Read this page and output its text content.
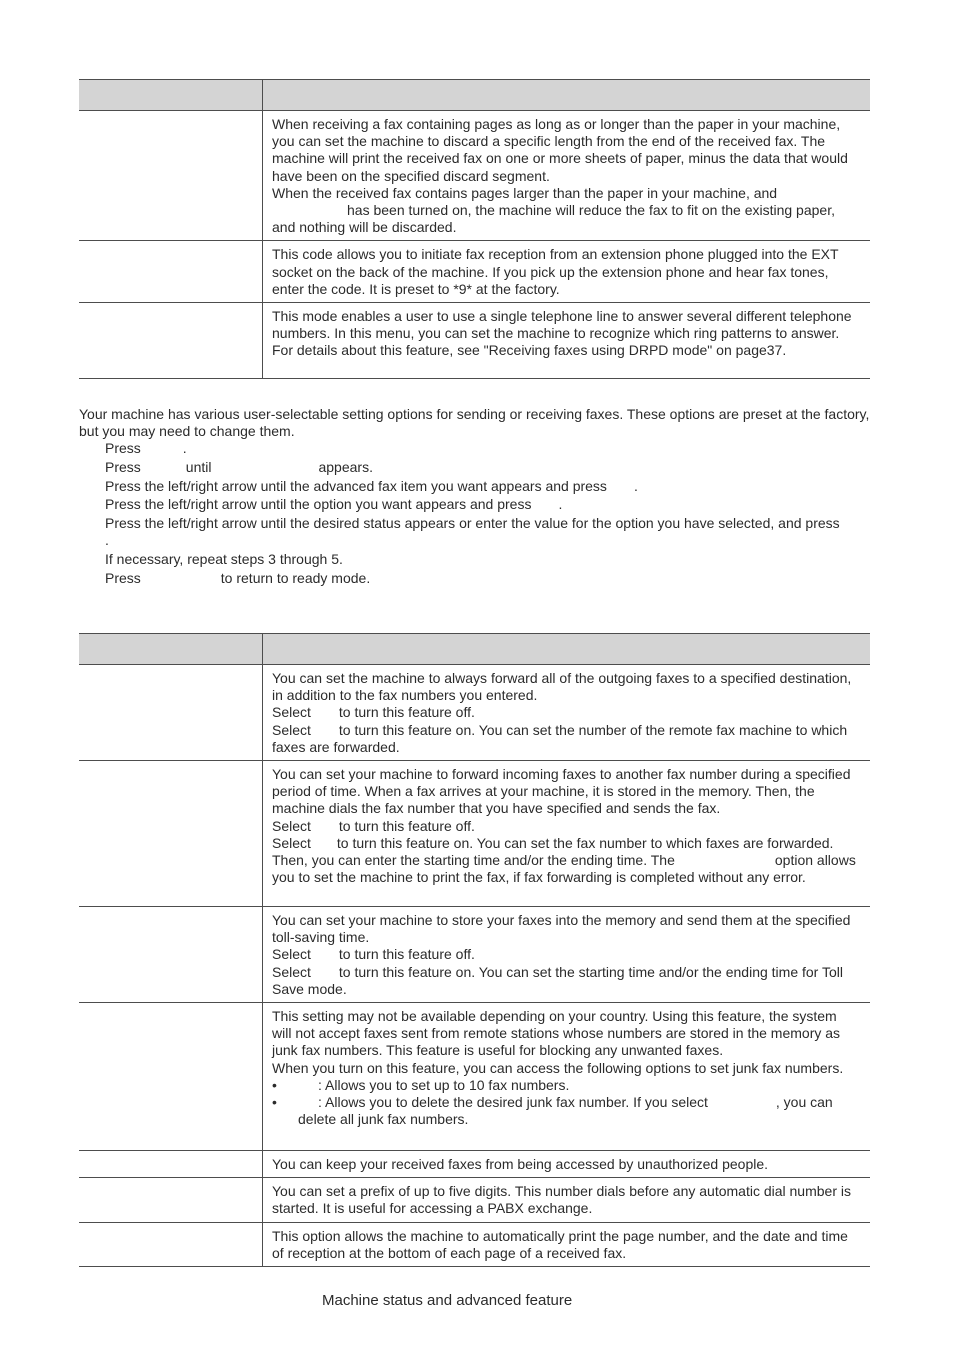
	When receiving a fax containing pages as long as or longer than the paper in your machine, you can set the machine to discard a specific length from the end of the received fax. The machine will print the received fax on one or more sheets of paper, minus the data that would have been on the specified discard segment.

When the received fax contains pages larger than the paper in your machine, and
has been turned on, the machine will reduce the fax to fit on the existing paper, and nothing will be discarded.

	This code allows you to initiate fax reception from an extension phone plugged into the EXT socket on the back of the machine. If you pick up the extension phone and hear fax tones, enter the code. It is preset to *9* at the factory.

	This mode enables a user to use a single telephone line to answer several different telephone numbers. In this menu, you can set the machine to recognize which ring patterns to answer. For details about this feature, see "Receiving faxes using DRPD mode" on page37.

Your machine has various user-selectable setting options for sending or receiving faxes. These options are preset at the factory, but you may need to change them.

Press	.
Press	until	appears.
Press the left/right arrow until the advanced fax item you want appears and press .
Press the left/right arrow until the option you want appears and press .
Press the left/right arrow until the desired status appears or enter the value for the option you have selected, and press
.
If necessary, repeat steps 3 through 5.
Press	to return to ready mode.

	You can set the machine to always forward all of the outgoing faxes to a specified destination, in addition to the fax numbers you entered.

Select to turn this feature off.

Select to turn this feature on. You can set the number of the remote fax machine to which faxes are forwarded.

	You can set your machine to forward incoming faxes to another fax number during a specified period of time. When a fax arrives at your machine, it is stored in the memory. Then, the machine dials the fax number that you have specified and sends the fax.

Select to turn this feature off.

Select to turn this feature on. You can set the fax number to which faxes are forwarded. Then, you can enter the starting time and/or the ending time. The option allows you to set the machine to print the fax, if fax forwarding is completed without any error.

	You can set your machine to store your faxes into the memory and send them at the specified toll-saving time.

Select to turn this feature off.

Select to turn this feature on. You can set the starting time and/or the ending time for Toll Save mode.

	This setting may not be available depending on your country. Using this feature, the system will not accept faxes sent from remote stations whose numbers are stored in the memory as junk fax numbers. This feature is useful for blocking any unwanted faxes.

When you turn on this feature, you can access the following options to set junk fax numbers.

• : Allows you to set up to 10 fax numbers.

• : Allows you to delete the desired junk fax number. If you select , you can delete all junk fax numbers.

	You can keep your received faxes from being accessed by unauthorized people.

	You can set a prefix of up to five digits. This number dials before any automatic dial number is started. It is useful for accessing a PABX exchange.

	This option allows the machine to automatically print the page number, and the date and time of reception at the bottom of each page of a received fax.

Machine status and advanced feature
